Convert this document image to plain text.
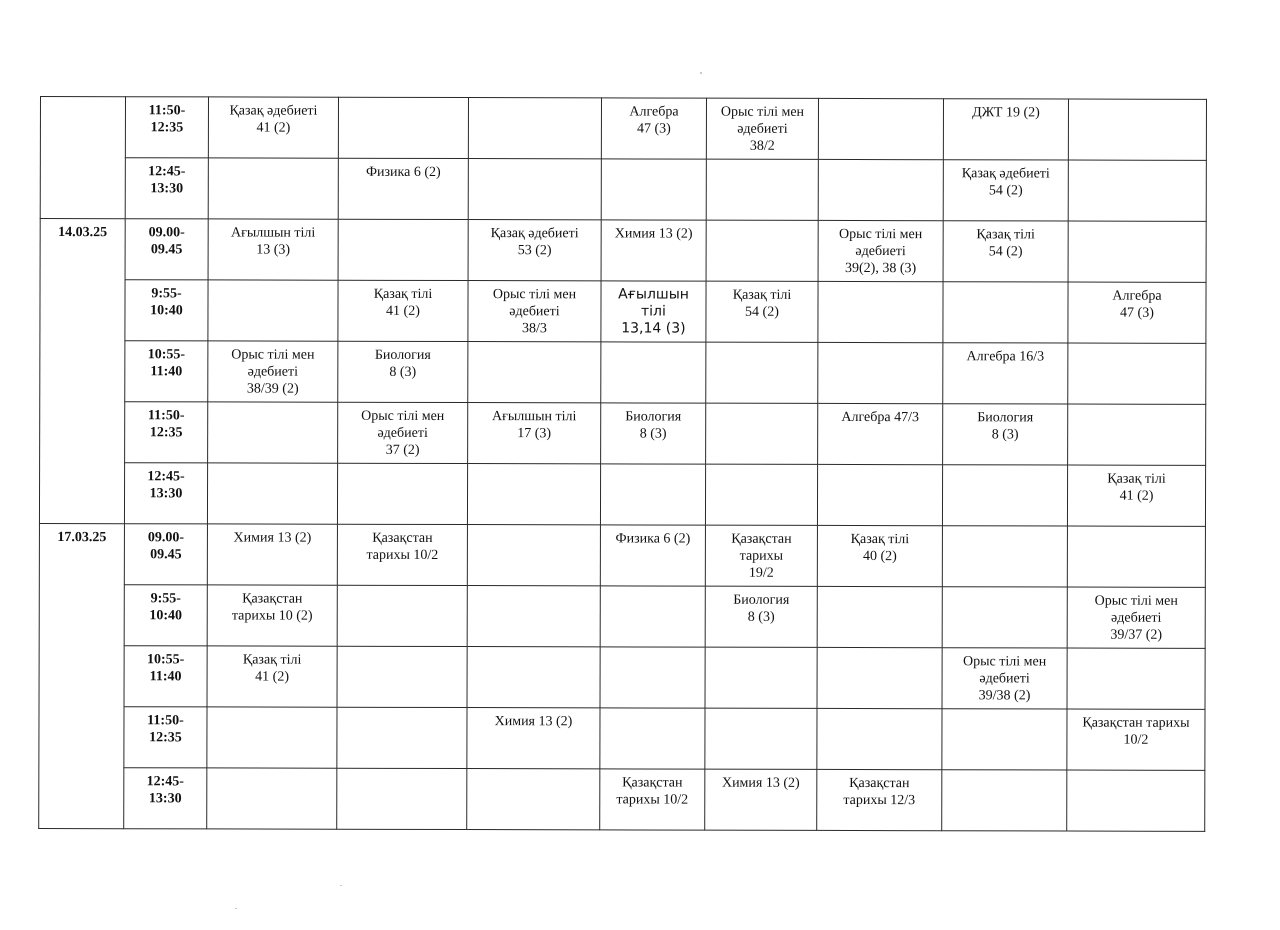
	11:50-
12:35	Қазақ әдебиеті
41 (2)			Алгебра
47 (3)	Орыс тілі мен
әдебиеті
38/2		ДЖТ 19 (2)	
	12:45-
13:30		Физика 6 (2)					Қазақ әдебиеті
54 (2)	
14.03.25	09.00-
09.45	Ағылшын тілі
13 (3)		Қазақ әдебиеті
53 (2)	Химия 13 (2)		Орыс тілі мен
әдебиеті
39(2), 38 (3)	Қазақ тілі
54 (2)	
	9:55-
10:40		Қазақ тілі
41 (2)	Орыс тілі мен
әдебиеті
38/3	Ағылшын
тілі
13,14 (3)	Қазақ тілі
54 (2)			Алгебра
47 (3)
	10:55-
11:40	Орыс тілі мен
әдебиеті
38/39 (2)	Биология
8 (3)					Алгебра 16/3	
	11:50-
12:35		Орыс тілі мен
әдебиеті
37 (2)	Ағылшын тілі
17 (3)	Биология
8 (3)		Алгебра 47/3	Биология
8 (3)	
	12:45-
13:30								Қазақ тілі
41 (2)
17.03.25	09.00-
09.45	Химия 13 (2)	Қазақстан
тарихы 10/2		Физика 6 (2)	Қазақстан
тарихы
19/2	Қазақ тілі
40 (2)		
	9:55-
10:40	Қазақстан
тарихы 10 (2)				Биология
8 (3)			Орыс тілі мен
әдебиеті
39/37 (2)
	10:55-
11:40	Қазақ тілі
41 (2)						Орыс тілі мен
әдебиеті
39/38 (2)	
	11:50-
12:35			Химия 13 (2)					Қазақстан тарихы
10/2
	12:45-
13:30				Қазақстан
тарихы 10/2	Химия 13 (2)	Қазақстан
тарихы 12/3		
